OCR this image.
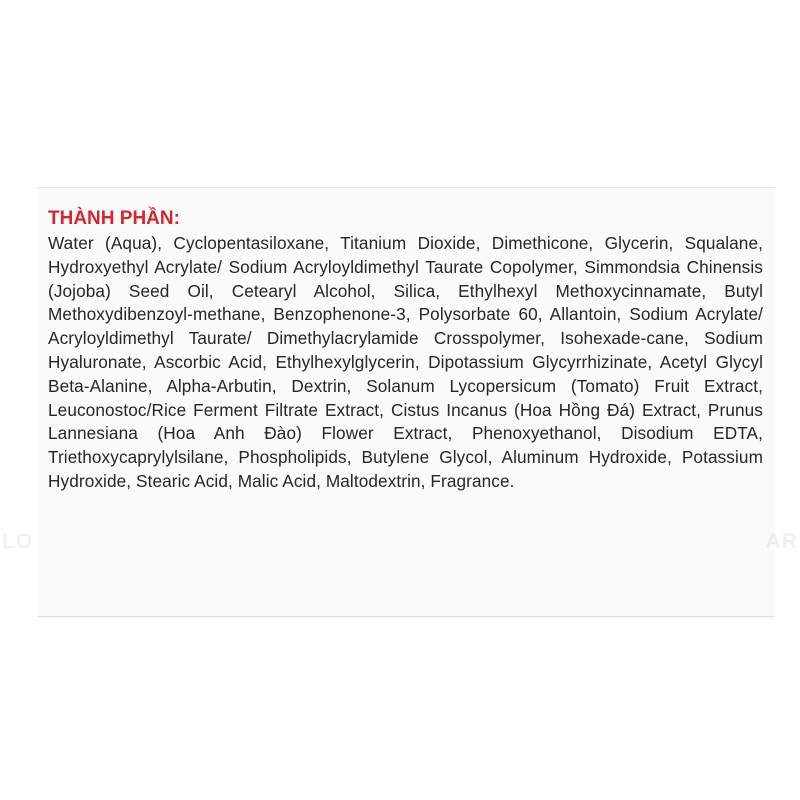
THÀNH PHẦN:

Water (Aqua), Cyclopentasiloxane, Titanium Dioxide, Dimethicone, Glycerin, Squalane, Hydroxyethyl Acrylate/ Sodium Acryloyldimethyl Taurate Copolymer, Simmondsia Chinensis (Jojoba) Seed Oil, Cetearyl Alcohol, Silica, Ethylhexyl Methoxycinnamate, Butyl Methoxydibenzoyl-methane, Benzophenone-3, Polysorbate 60, Allantoin, Sodium Acrylate/ Acryloyldimethyl Taurate/ Dimethylacrylamide Crosspolymer, Isohexade-cane, Sodium Hyaluronate, Ascorbic Acid, Ethylhexylglycerin, Dipotassium Glycyrrhizinate, Acetyl Glycyl Beta-Alanine, Alpha-Arbutin, Dextrin, Solanum Lycopersicum (Tomato) Fruit Extract, Leuconostoc/Rice Ferment Filtrate Extract, Cistus Incanus (Hoa Hồng Đá) Extract, Prunus Lannesiana (Hoa Anh Đào) Flower Extract, Phenoxyethanol, Disodium EDTA, Triethoxycaprylylsilane, Phospholipids, Butylene Glycol, Aluminum Hydroxide, Potassium Hydroxide, Stearic Acid, Malic Acid, Maltodextrin, Fragrance.

LO	AR
